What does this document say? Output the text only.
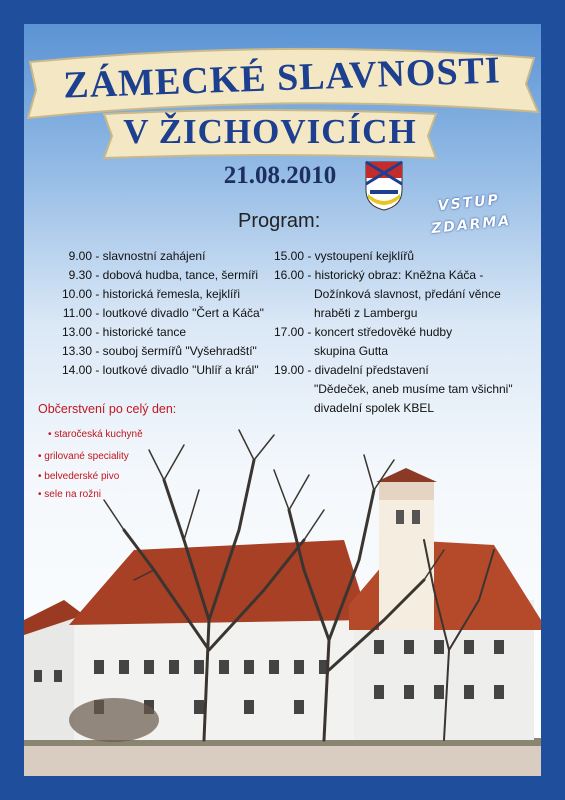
ZÁMECKÉ SLAVNOSTI
V ŽICHOVICÍCH
21.08.2010
VSTUP
ZDARMA
Program:
9.00 - slavnostní zahájení
9.30 - dobová hudba, tance, šermíři
10.00 - historická řemesla, kejklíři
11.00 - loutkové divadlo "Čert a Káča"
13.00 - historické tance
13.30 - souboj šermířů "Vyšehradští"
14.00 - loutkové divadlo "Uhlíř a král"
15.00 - vystoupení kejklířů
16.00 - historický obraz: Kněžna Káča -
Dožínková slavnost, předání věnce
hraběti z Lambergu
17.00 - koncert středověké hudby
skupina Gutta
19.00 - divadelní představení
"Dědeček, aneb musíme tam všichni"
divadelní spolek KBEL
Občerstvení po celý den:
• staročeská kuchyně
• grilované speciality
• belvederské pivo
• sele na rožni
